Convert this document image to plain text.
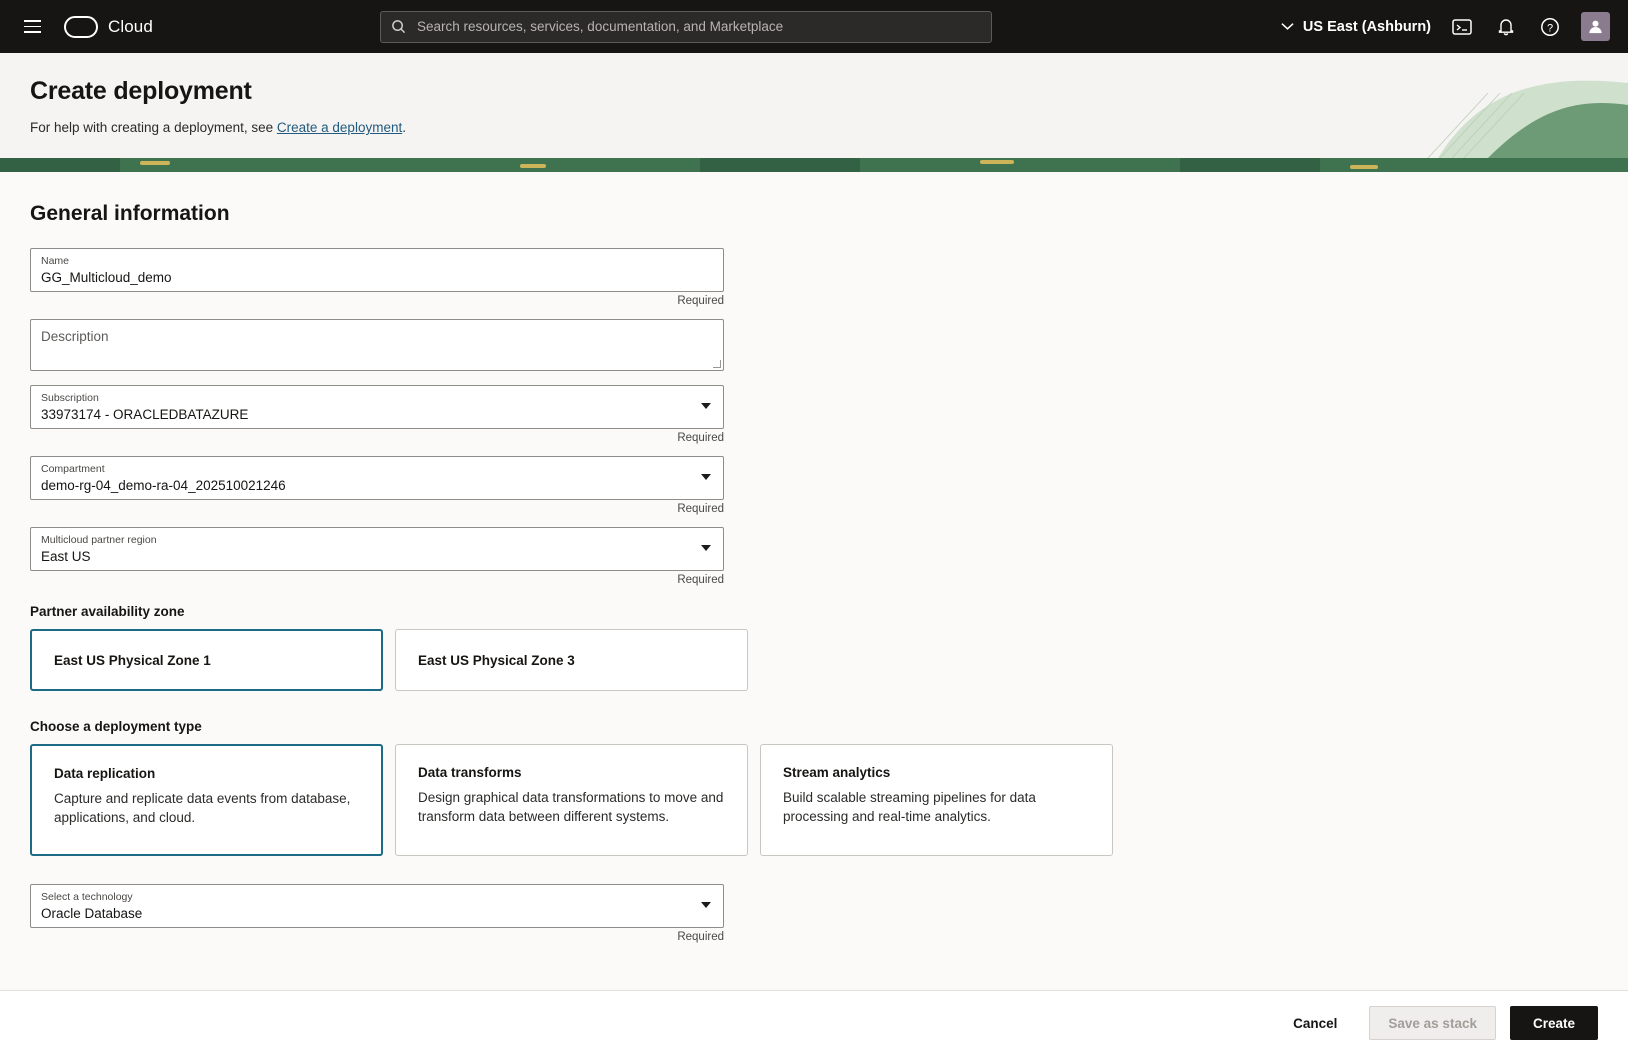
Cloud
Search resources, services, documentation, and Marketplace	US East (Ashburn)	?
Create deployment
For help with creating a deployment, see Create a deployment.
General information
Name
GG_Multicloud_demo
Required
Description
Subscription
33973174 - ORACLEDBATAZURE
Required
Compartment
demo-rg-04_demo-ra-04_202510021246
Required
Multicloud partner region
East US
Required
Partner availability zone
East US Physical Zone 1	East US Physical Zone 3
Choose a deployment type
Data replication
Capture and replicate data events from database, applications, and cloud.
Data transforms
Design graphical data transformations to move and transform data between different systems.
Stream analytics
Build scalable streaming pipelines for data processing and real-time analytics.
Select a technology
Oracle Database
Required
Cancel	Save as stack	Create
